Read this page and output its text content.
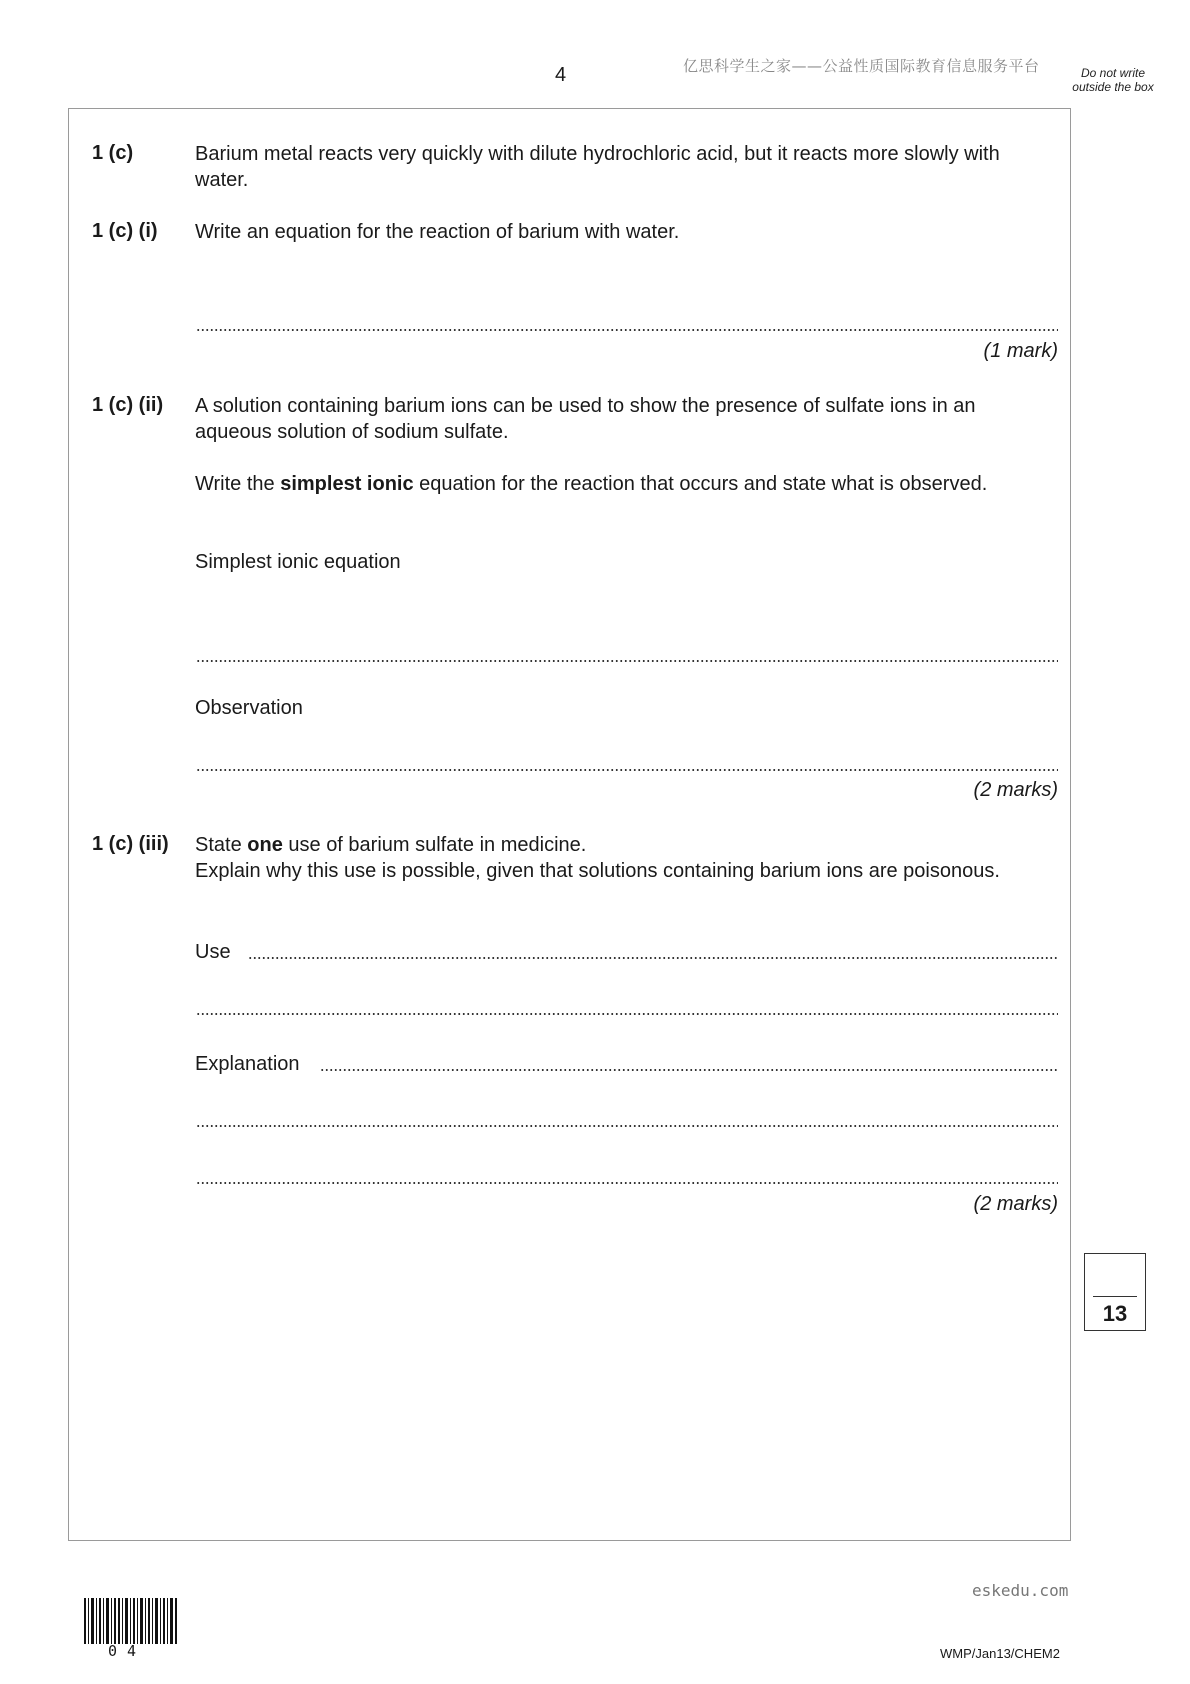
4	亿思科学生之家——公益性质国际教育信息服务平台	Do not write outside the box
1 (c)	Barium metal reacts very quickly with dilute hydrochloric acid, but it reacts more slowly with water.
1 (c) (i) Write an equation for the reaction of barium with water.
(1 mark)
1 (c) (ii) A solution containing barium ions can be used to show the presence of sulfate ions in an aqueous solution of sodium sulfate.
Write the simplest ionic equation for the reaction that occurs and state what is observed.
Simplest ionic equation
Observation
(2 marks)
1 (c) (iii) State one use of barium sulfate in medicine.
Explain why this use is possible, given that solutions containing barium ions are poisonous.
Use
Explanation
(2 marks)
13
eskedu.com
04	WMP/Jan13/CHEM2
